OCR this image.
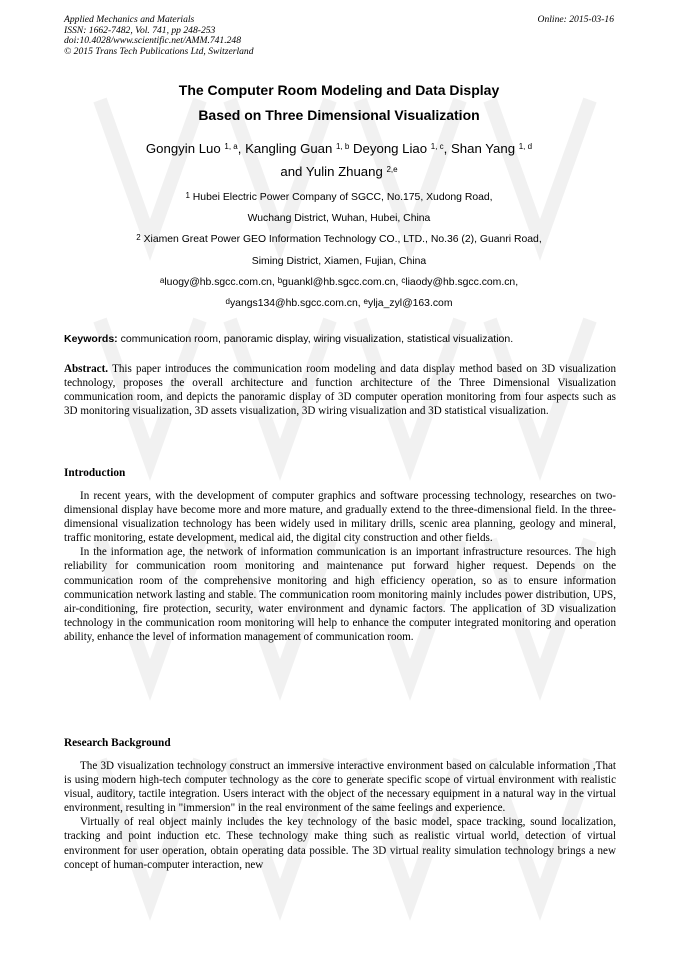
Applied Mechanics and Materials
ISSN: 1662-7482, Vol. 741, pp 248-253
doi:10.4028/www.scientific.net/AMM.741.248
© 2015 Trans Tech Publications Ltd, Switzerland
Online: 2015-03-16
The Computer Room Modeling and Data Display
Based on Three Dimensional Visualization
Gongyin Luo $^{1, a}$, Kangling Guan $^{1, b}$ Deyong Liao $^{1, c}$, Shan Yang $^{1, d}$
and Yulin Zhuang $^{2,e}$
$^1$ Hubei Electric Power Company of SGCC, No.175, Xudong Road,
Wuchang District, Wuhan, Hubei, China
$^2$ Xiamen Great Power GEO Information Technology CO., LTD., No.36 (2), Guanri Road,
Siming District, Xiamen, Fujian, China
$^a$luogy@hb.sgcc.com.cn, $^b$guankl@hb.sgcc.com.cn, $^c$liaody@hb.sgcc.com.cn,
$^d$yangs134@hb.sgcc.com.cn, $^e$ylja_zyl@163.com
Keywords: communication room, panoramic display, wiring visualization, statistical visualization.

Abstract. This paper introduces the communication room modeling and data display method based on 3D visualization technology, proposes the overall architecture and function architecture of the Three Dimensional Visualization communication room, and depicts the panoramic display of 3D computer operation monitoring from four aspects such as 3D monitoring visualization, 3D assets visualization, 3D wiring visualization and 3D statistical visualization.

Introduction

In recent years, with the development of computer graphics and software processing technology, researches on two-dimensional display have become more and more mature, and gradually extend to the three-dimensional field. In the three-dimensional visualization technology has been widely used in military drills, scenic area planning, geology and mineral, traffic monitoring, estate development, medical aid, the digital city construction and other fields.

In the information age, the network of information communication is an important infrastructure resources. The high reliability for communication room monitoring and maintenance put forward higher request. Depends on the communication room of the comprehensive monitoring and high efficiency operation, so as to ensure information communication network lasting and stable. The communication room monitoring mainly includes power distribution, UPS, air-conditioning, fire protection, security, water environment and dynamic factors. The application of 3D visualization technology in the communication room monitoring will help to enhance the computer integrated monitoring and operation ability, enhance the level of information management of communication room.

Research Background

The 3D visualization technology construct an immersive interactive environment based on calculable information ,That is using modern high-tech computer technology as the core to generate specific scope of virtual environment with realistic visual, auditory, tactile integration. Users interact with the object of the necessary equipment in a natural way in the virtual environment, resulting in "immersion" in the real environment of the same feelings and experience.

Virtually of real object mainly includes the key technology of the basic model, space tracking, sound localization, tracking and point induction etc. These technology make thing such as realistic virtual world, detection of virtual environment for user operation, obtain operating data possible. The 3D virtual reality simulation technology brings a new concept of human-computer interaction, new
